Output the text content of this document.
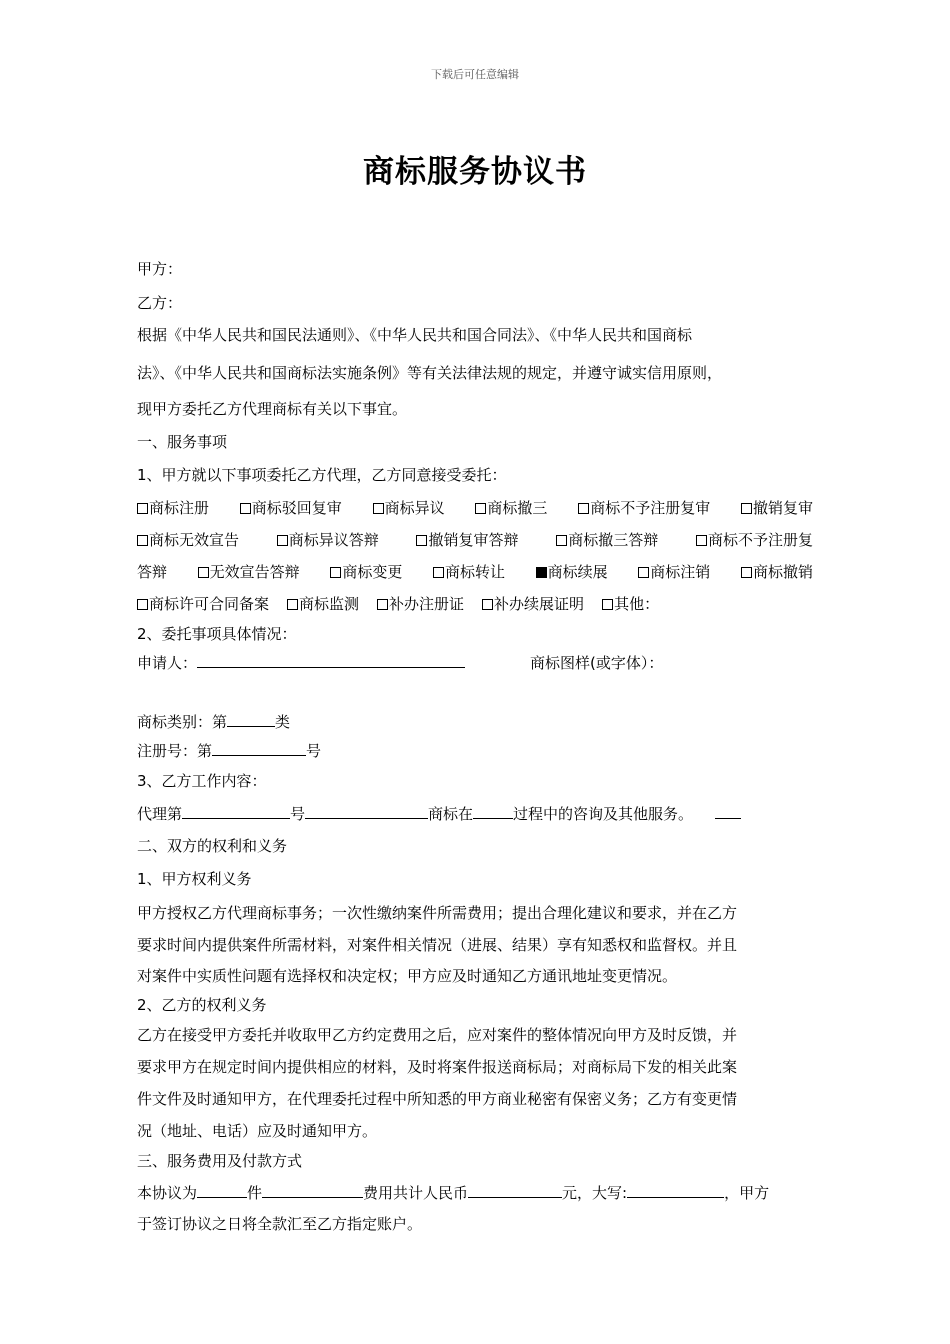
下载后可任意编辑
商标服务协议书
甲方：
乙方：
根据《中华人民共和国民法通则》、《中华人民共和国合同法》、《中华人民共和国商标
法》、《中华人民共和国商标法实施条例》等有关法律法规的规定，并遵守诚实信用原则，
现甲方委托乙方代理商标有关以下事宜。
一、服务事项
1、甲方就以下事项委托乙方代理，乙方同意接受委托：
商标注册	商标驳回复审	商标异议	商标撤三	商标不予注册复审	撤销复审
商标无效宣告	商标异议答辩	撤销复审答辩	商标撤三答辩	商标不予注册复
答辩	无效宣告答辩	商标变更	商标转让	商标续展	商标注销	商标撤销
商标许可合同备案	商标监测	补办注册证	补办续展证明	其他：
2、委托事项具体情况：
申请人：	商标图样(或字体）：
商标类别：第	类
注册号：第	号
3、乙方工作内容：
代理第	号	商标在	过程中的咨询及其他服务。
二、双方的权利和义务
1、甲方权利义务
甲方授权乙方代理商标事务；一次性缴纳案件所需费用；提出合理化建议和要求，并在乙方
要求时间内提供案件所需材料，对案件相关情况（进展、结果）享有知悉权和监督权。并且
对案件中实质性问题有选择权和决定权；甲方应及时通知乙方通讯地址变更情况。
2、乙方的权利义务
乙方在接受甲方委托并收取甲乙方约定费用之后，应对案件的整体情况向甲方及时反馈，并
要求甲方在规定时间内提供相应的材料，及时将案件报送商标局；对商标局下发的相关此案
件文件及时通知甲方，在代理委托过程中所知悉的甲方商业秘密有保密义务；乙方有变更情
况（地址、电话）应及时通知甲方。
三、服务费用及付款方式
本协议为	件	费用共计人民币	元，大写:	，甲方
于签订协议之日将全款汇至乙方指定账户。
